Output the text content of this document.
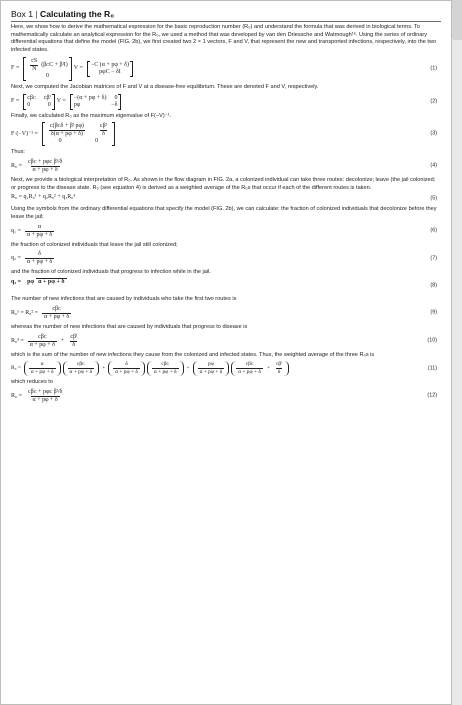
Box 1 | Calculating the R₀

Here, we show how to derive the mathematical expression for the basic reproduction number (R₀) and understand the formula that was derived in biological terms. To mathematically calculate an analytical expression for the R₀, we used a method that was developed by van den Driessche and Watmough¹⁶. Using the series of ordinary differential equations that define the model (FIG. 2b), we first created two 2 × 1 vectors, F and V, that represent the new and transported infections, respectively, into the two infected states.

$F = \frac{cS}{N}$ (βᴄC + βᴵI)
0
V =
−C (α + pφ + δ)
pφC − δI
(1)

Next, we computed the Jacobian matrices of F and V at a disease-free equilibrium. These are denoted F and V, respectively.

F =
cβᴄ cβᴵ
0	0
V =
−(α + pφ + δ) 0
pφ	−δ
(2)

Finally, we calculated R₀ as the maximum eigenvalue of F(−V)⁻¹.

$F\cdot(-V)^{-1} = \frac{\text{c(βᴄδ + βᴵ pφ)}}{\delta(\alpha + p\varphi + \delta)} \frac{\text{cβᴵ}}{\delta}$
0	0
(3)

Thus:

$R_0 = \frac{\text{cβᴄ + pφc βᴵ/δ}}{\alpha + p\varphi + \delta}$	(4)

Next, we provide a biological interpretation of R₀. As shown in the flow diagram in FIG. 2a, a colonized individual can take three routes: decolonize; leave (the jail colonized; or progress to the disease state. R₀ (see equation 4) is derived as a weighted average of the R₀s that occur if each of the different routes is taken.

R₀ = q₁R₀¹ + q₂R₀² + q₃R₀³	(5)

Using the symbols from the ordinary differential equations that specify the model (FIG. 2b), we can calculate: the fraction of colonized individuals that decolonize before they leave the jail;

$q_1 = \frac{\alpha}{\alpha + p\varphi + \delta}$	(6)

the fraction of colonized individuals that leave the jail still colonized;

$q_2 = \frac{\delta}{\alpha + p\varphi + \delta}$	(7)

and the fraction of colonized individuals that progress to infection while in the jail.

q₃ =	pφ α + pφ + δ
(8)

The number of new infections that are caused by individuals who take the first two routes is

$R_0^1 = R_0^2 = \frac{\text{cβᴄ}}{\alpha + p\varphi + \delta}$	(9)

whereas the number of new infections that are caused by individuals that progress to disease is

$R_0^3 = \frac{\text{cβᴄ}}{\alpha + p\varphi + \delta} + \frac{\text{cβᴵ}}{\delta}$	(10)

which is the sum of the number of new infections they cause from the colonized and infected states. Thus, the weighted average of the three R₀s is

$R_0 = \frac{\alpha}{\alpha + p\varphi + \delta} \frac{\text{cβᴄ}}{\alpha + p\varphi + \delta} + \frac{\delta}{\alpha + p\varphi + \delta} \frac{\text{cβᴄ}}{\alpha + p\varphi + \delta} + \frac{p\varphi}{\alpha + p\varphi + \delta} \frac{\text{cβᴄ}}{\alpha + p\varphi + \delta} + \frac{\text{cβᴵ}}{\delta}$	(11)

which reduces to

$R_0 = \frac{\text{cβᴄ + pφc βᴵ/δ}}{\alpha + p\varphi + \delta}$	(12)
